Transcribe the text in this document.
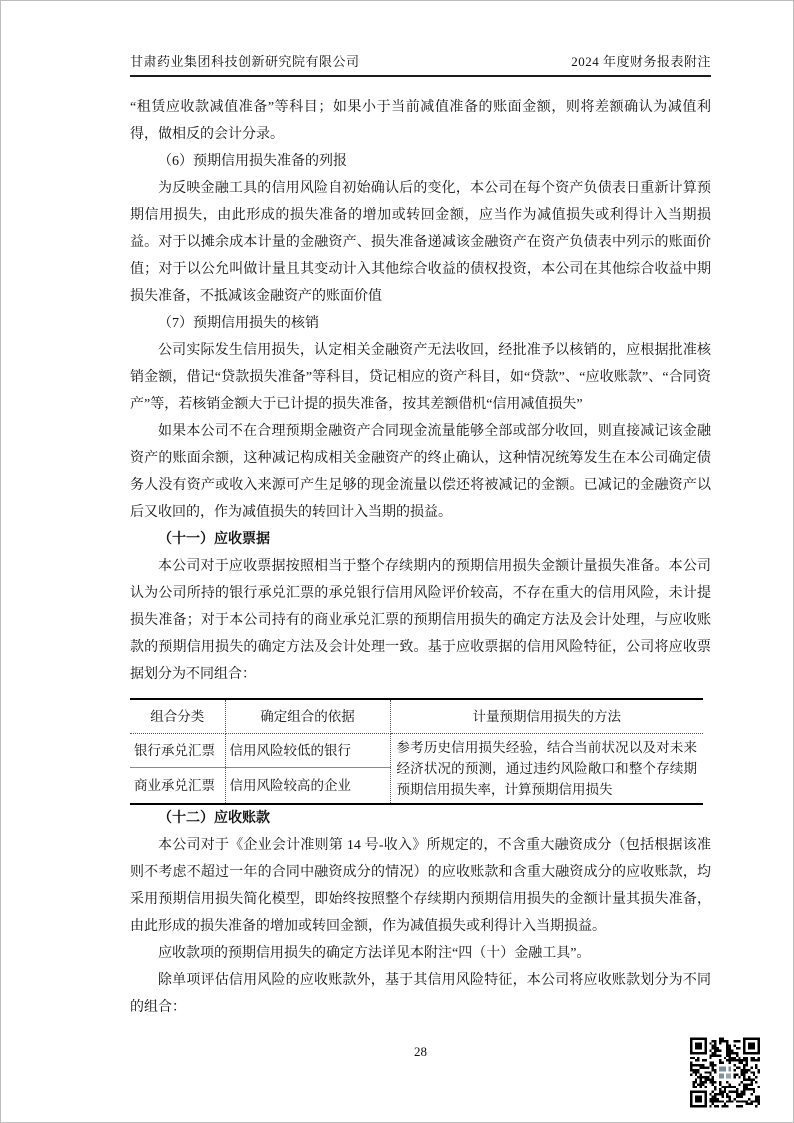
甘肃药业集团科技创新研究院有限公司	2024 年度财务报表附注

“租赁应收款减值准备”等科目；如果小于当前减值准备的账面金额，则将差额确认为减值利得，做相反的会计分录。

（6）预期信用损失准备的列报

为反映金融工具的信用风险自初始确认后的变化，本公司在每个资产负债表日重新计算预期信用损失，由此形成的损失准备的增加或转回金额，应当作为减值损失或利得计入当期损益。对于以摊余成本计量的金融资产、损失准备递减该金融资产在资产负债表中列示的账面价值；对于以公允叫做计量且其变动计入其他综合收益的债权投资，本公司在其他综合收益中期损失准备，不抵减该金融资产的账面价值

（7）预期信用损失的核销

公司实际发生信用损失，认定相关金融资产无法收回，经批准予以核销的，应根据批准核销金额，借记“贷款损失准备”等科目，贷记相应的资产科目，如“贷款”、“应收账款”、“合同资产”等，若核销金额大于已计提的损失准备，按其差额借机“信用减值损失”

如果本公司不在合理预期金融资产合同现金流量能够全部或部分收回，则直接减记该金融资产的账面余额，这种减记构成相关金融资产的终止确认，这种情况统筹发生在本公司确定债务人没有资产或收入来源可产生足够的现金流量以偿还将被减记的金额。已减记的金融资产以后又收回的，作为减值损失的转回计入当期的损益。

（十一）应收票据

本公司对于应收票据按照相当于整个存续期内的预期信用损失金额计量损失准备。本公司认为公司所持的银行承兑汇票的承兑银行信用风险评价较高，不存在重大的信用风险，未计提损失准备；对于本公司持有的商业承兑汇票的预期信用损失的确定方法及会计处理，与应收账款的预期信用损失的确定方法及会计处理一致。基于应收票据的信用风险特征，公司将应收票据划分为不同组合：

组合分类	确定组合的依据	计量预期信用损失的方法
银行承兑汇票	信用风险较低的银行	参考历史信用损失经验，结合当前状况以及对未来经济状况的预测，通过违约风险敞口和整个存续期预期信用损失率，计算预期信用损失
商业承兑汇票	信用风险较高的企业	

（十二）应收账款

本公司对于《企业会计准则第 14 号-收入》所规定的，不含重大融资成分（包括根据该准则不考虑不超过一年的合同中融资成分的情况）的应收账款和含重大融资成分的应收账款，均采用预期信用损失简化模型，即始终按照整个存续期内预期信用损失的金额计量其损失准备，由此形成的损失准备的增加或转回金额，作为减值损失或利得计入当期损益。

应收款项的预期信用损失的确定方法详见本附注“四（十）金融工具”。

除单项评估信用风险的应收账款外，基于其信用风险特征，本公司将应收账款划分为不同的组合：

28
